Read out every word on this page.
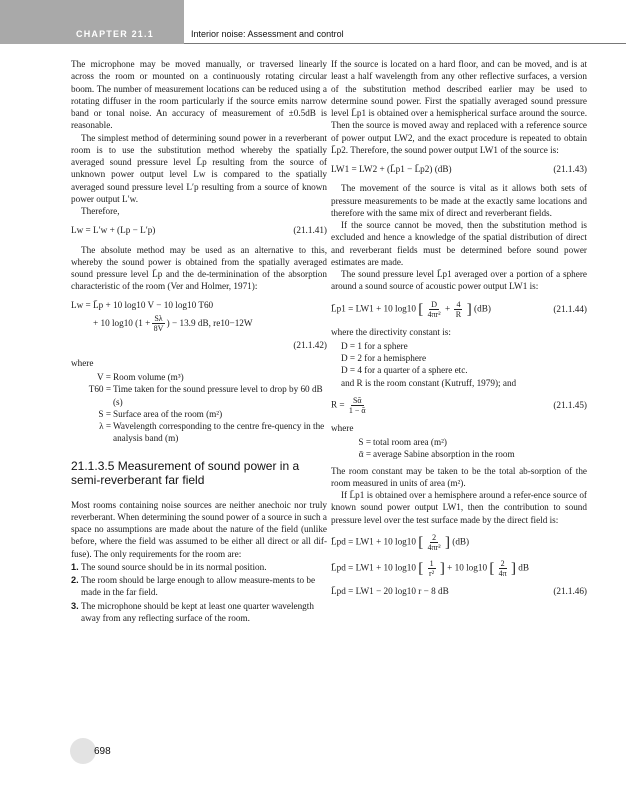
CHAPTER 21.1	Interior noise: Assessment and control

The microphone may be moved manually, or traversed linearly across the room or mounted on a continuously rotating circular boom. The number of measurement locations can be reduced using a rotating diffuser in the room particularly if the source emits narrow band or tonal noise. An accuracy of measurement of ±0.5dB is reasonable.

The simplest method of determining sound power in a reverberant room is to use the substitution method whereby the spatially averaged sound pressure level L̄p resulting from the source of unknown power output level Lw is compared to the spatially averaged sound pressure level L′p resulting from a source of known power output L′w.

Therefore,

Lw = L′w + (Lp − L′p)	(21.1.41)

The absolute method may be used as an alternative to this, whereby the sound power is obtained from the spatially averaged sound pressure level L̄p and the de-terminination of the absorption characteristic of the room (Ver and Holmer, 1971):

Lw = L̄p + 10 log10 V − 10 log10 T60
+ 10 log10 ($1 + \frac{S\lambda}{8V}$ ) − 13.9 dB, re10−12W
(21.1.42)

where

V = Room volume (m³)
T60 = Time taken for the sound pressure level to drop by 60 dB (s)
S = Surface area of the room (m²)
λ = Wavelength corresponding to the centre fre-quency in the analysis band (m)
21.1.3.5 Measurement of sound power in a semi-reverberant far field

Most rooms containing noise sources are neither anechoic nor truly reverberant. When determining the sound power of a source in such a space no assumptions are made about the nature of the field (unlike before, where the field was assumed to be either all direct or all dif-fuse). The only requirements for the room are:

1. The sound source should be in its normal position.
2. The room should be large enough to allow measure-ments to be made in the far field.
3. The microphone should be kept at least one quarter wavelength away from any reflecting surface of the room.

If the source is located on a hard floor, and can be moved, and is at least a half wavelength from any other reflective surfaces, a version of the substitution method described earlier may be used to determine sound power. First the spatially averaged sound pressure level L̄p1 is obtained over a hemispherical surface around the source. Then the source is moved away and replaced with a reference source of power output LW2, and the exact procedure is repeated to obtain L̄p2. Therefore, the sound power output LW1 of the source is:

LW1 = LW2 + (L̄p1 − L̄p2) (dB)	(21.1.43)

The movement of the source is vital as it allows both sets of pressure measurements to be made at the exactly same locations and therefore with the same mix of direct and reverberant fields.

If the source cannot be moved, then the substitution method is excluded and hence a knowledge of the spatial distribution of direct and reverberant fields must be determined before sound power estimates are made.

The sound pressure level L̄p1 averaged over a portion of a sphere around a sound source of acoustic power output LW1 is:

L̄p1 = LW1 + 10 log10 [ $\frac{D}{\text{4πr²}} + \frac{4}{R}$ ] (dB)	(21.1.44)

where the directivity constant is:

D = 1 for a sphere
D = 2 for a hemisphere
D = 4 for a quarter of a sphere etc.
and R is the room constant (Kutruff, 1979); and
$R = \frac{\text{Sᾱ}}{\text{1 − ᾱ}}$	(21.1.45)

where

S = total room area (m²)
ᾱ = average Sabine absorption in the room

The room constant may be taken to be the total ab-sorption of the room measured in units of area (m²).

If L̄p1 is obtained over a hemisphere around a refer-ence source of known sound power output LW1, then the contribution to sound pressure level over the test surface made by the direct field is:

L̄pd = LW1 + 10 log10 [ $\frac{2}{\text{4πr²}}$ ] (dB)
L̄pd = LW1 + 10 log10 [ $\frac{1}{\text{r²}}$ ] + 10 log10 [ $\frac{2}{4\pi}$ ] dB
L̄pd = LW1 − 20 log10 r − 8 dB	(21.1.46)
698
